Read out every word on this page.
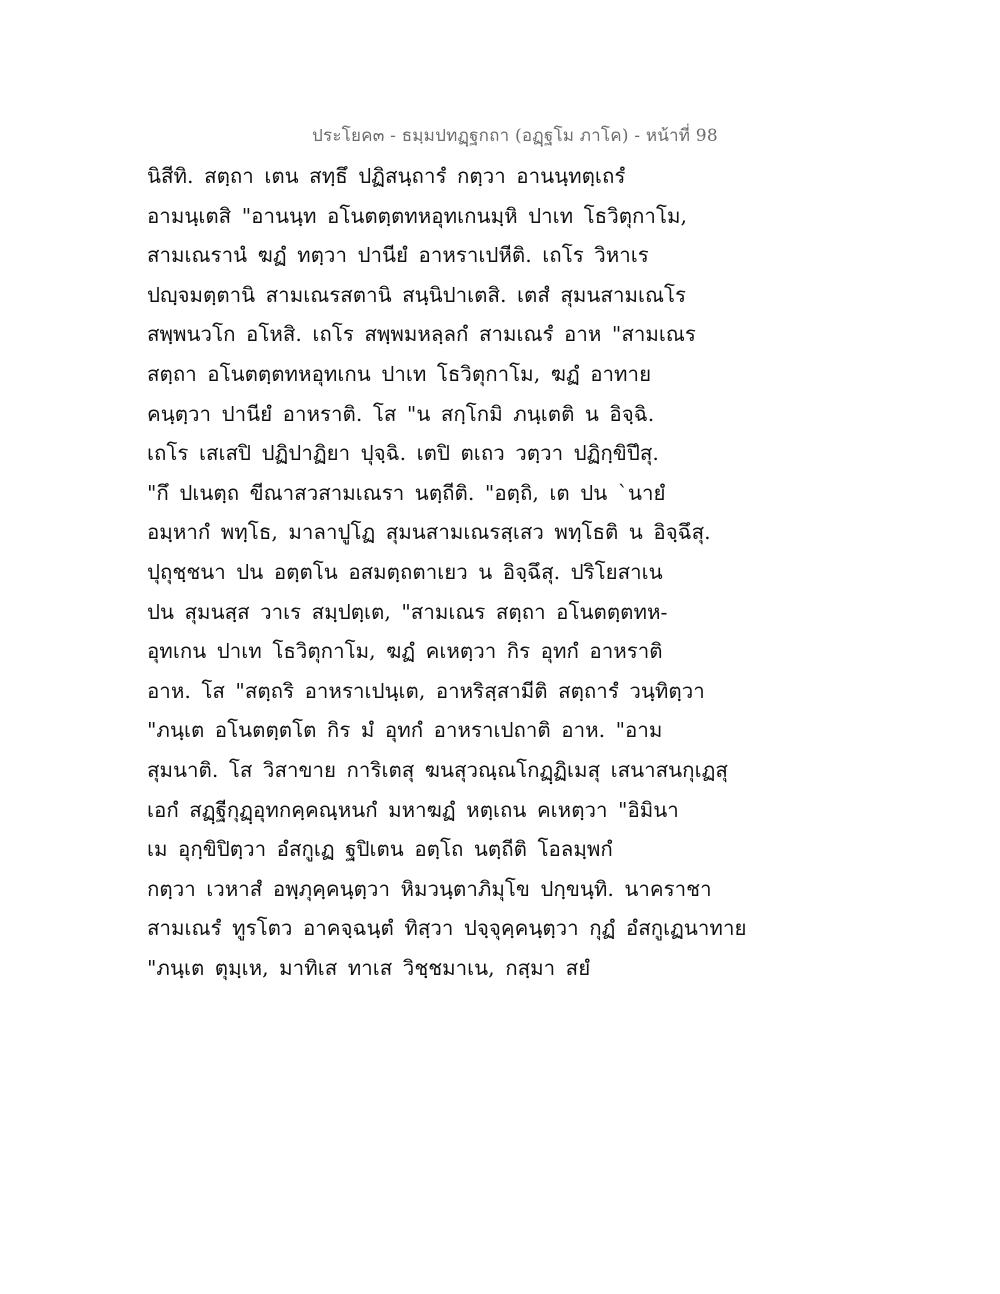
ประโยค๓ - ธมฺมปทฏฺฐกถา (อฏฺฐโม ภาโค) - หน้าที่ 98
นิสีทิ. สตฺถา เตน สทฺธึ ปฏิสนฺถารํ กตฺวา อานนฺทตฺเถรํ
อามนฺเตสิ "อานนฺท อโนตตฺตทหอุทเกนมฺหิ ปาเท โธวิตุกาโม,
สามเณรานํ ฆฏํ ทตฺวา ปานียํ อาหราเปหีติ. เถโร วิหาเร
ปญฺจมตฺตานิ สามเณรสตานิ สนฺนิปาเตสิ. เตสํ สุมนสามเณโร
สพฺพนวโก อโหสิ. เถโร สพฺพมหลฺลกํ สามเณรํ อาห "สามเณร
สตฺถา อโนตตฺตทหอุทเกน ปาเท โธวิตุกาโม, ฆฏํ อาทาย
คนฺตฺวา ปานียํ อาหราติ. โส "น สกฺโกมิ ภนฺเตติ น อิจฺฉิ.
เถโร เสเสปิ ปฏิปาฏิยา ปุจฺฉิ. เตปิ ตเถว วตฺวา ปฏิกฺขิปึสุ.
"กึ ปเนตฺถ ขีณาสวสามเณรา นตฺถีติ. "อตฺถิ, เต ปน `นายํ
อมฺหากํ พทฺโธ, มาลาปูโฏ สุมนสามเณรสฺเสว พทฺโธติ น อิจฺฉึสุ.
ปุถุชฺชนา ปน อตฺตโน อสมตฺถตาเยว น อิจฺฉึสุ. ปริโยสาเน
ปน สุมนสฺส วาเร สมฺปตฺเต, "สามเณร สตฺถา อโนตตฺตทห-
อุทเกน ปาเท โธวิตุกาโม, ฆฏํ คเหตฺวา กิร อุทกํ อาหราติ
อาห. โส "สตฺถริ อาหราเปนฺเต, อาหริสฺสามีติ สตฺถารํ วนฺทิตฺวา
"ภนฺเต อโนตตฺตโต กิร มํ อุทกํ อาหราเปถาติ อาห. "อาม
สุมนาติ. โส วิสาขาย การิเตสุ ฆนสุวณฺณโกฏฺฏิเมสุ เสนาสนกุเฏสุ
เอกํ สฏฺฐีกุฏฺอุทกคฺคณฺหนกํ มหาฆฏํ หตฺเถน คเหตฺวา "อิมินา
เม อุกฺขิปิตฺวา อํสกูเฏ ฐปิเตน อตฺโถ นตฺถีติ โอลมฺพกํ
กตฺวา เวหาสํ อพฺภุคฺคนฺตฺวา หิมวนฺตาภิมุโข ปกฺขนฺทิ. นาคราชา
สามเณรํ ทูรโตว อาคจฺฉนฺตํ ทิสฺวา ปจฺจุคฺคนฺตฺวา กุฏํ อํสกูเฏนาทาย
"ภนฺเต ตุมฺเห, มาทิเส ทาเส วิชฺชมาเน, กสฺมา สยํ
